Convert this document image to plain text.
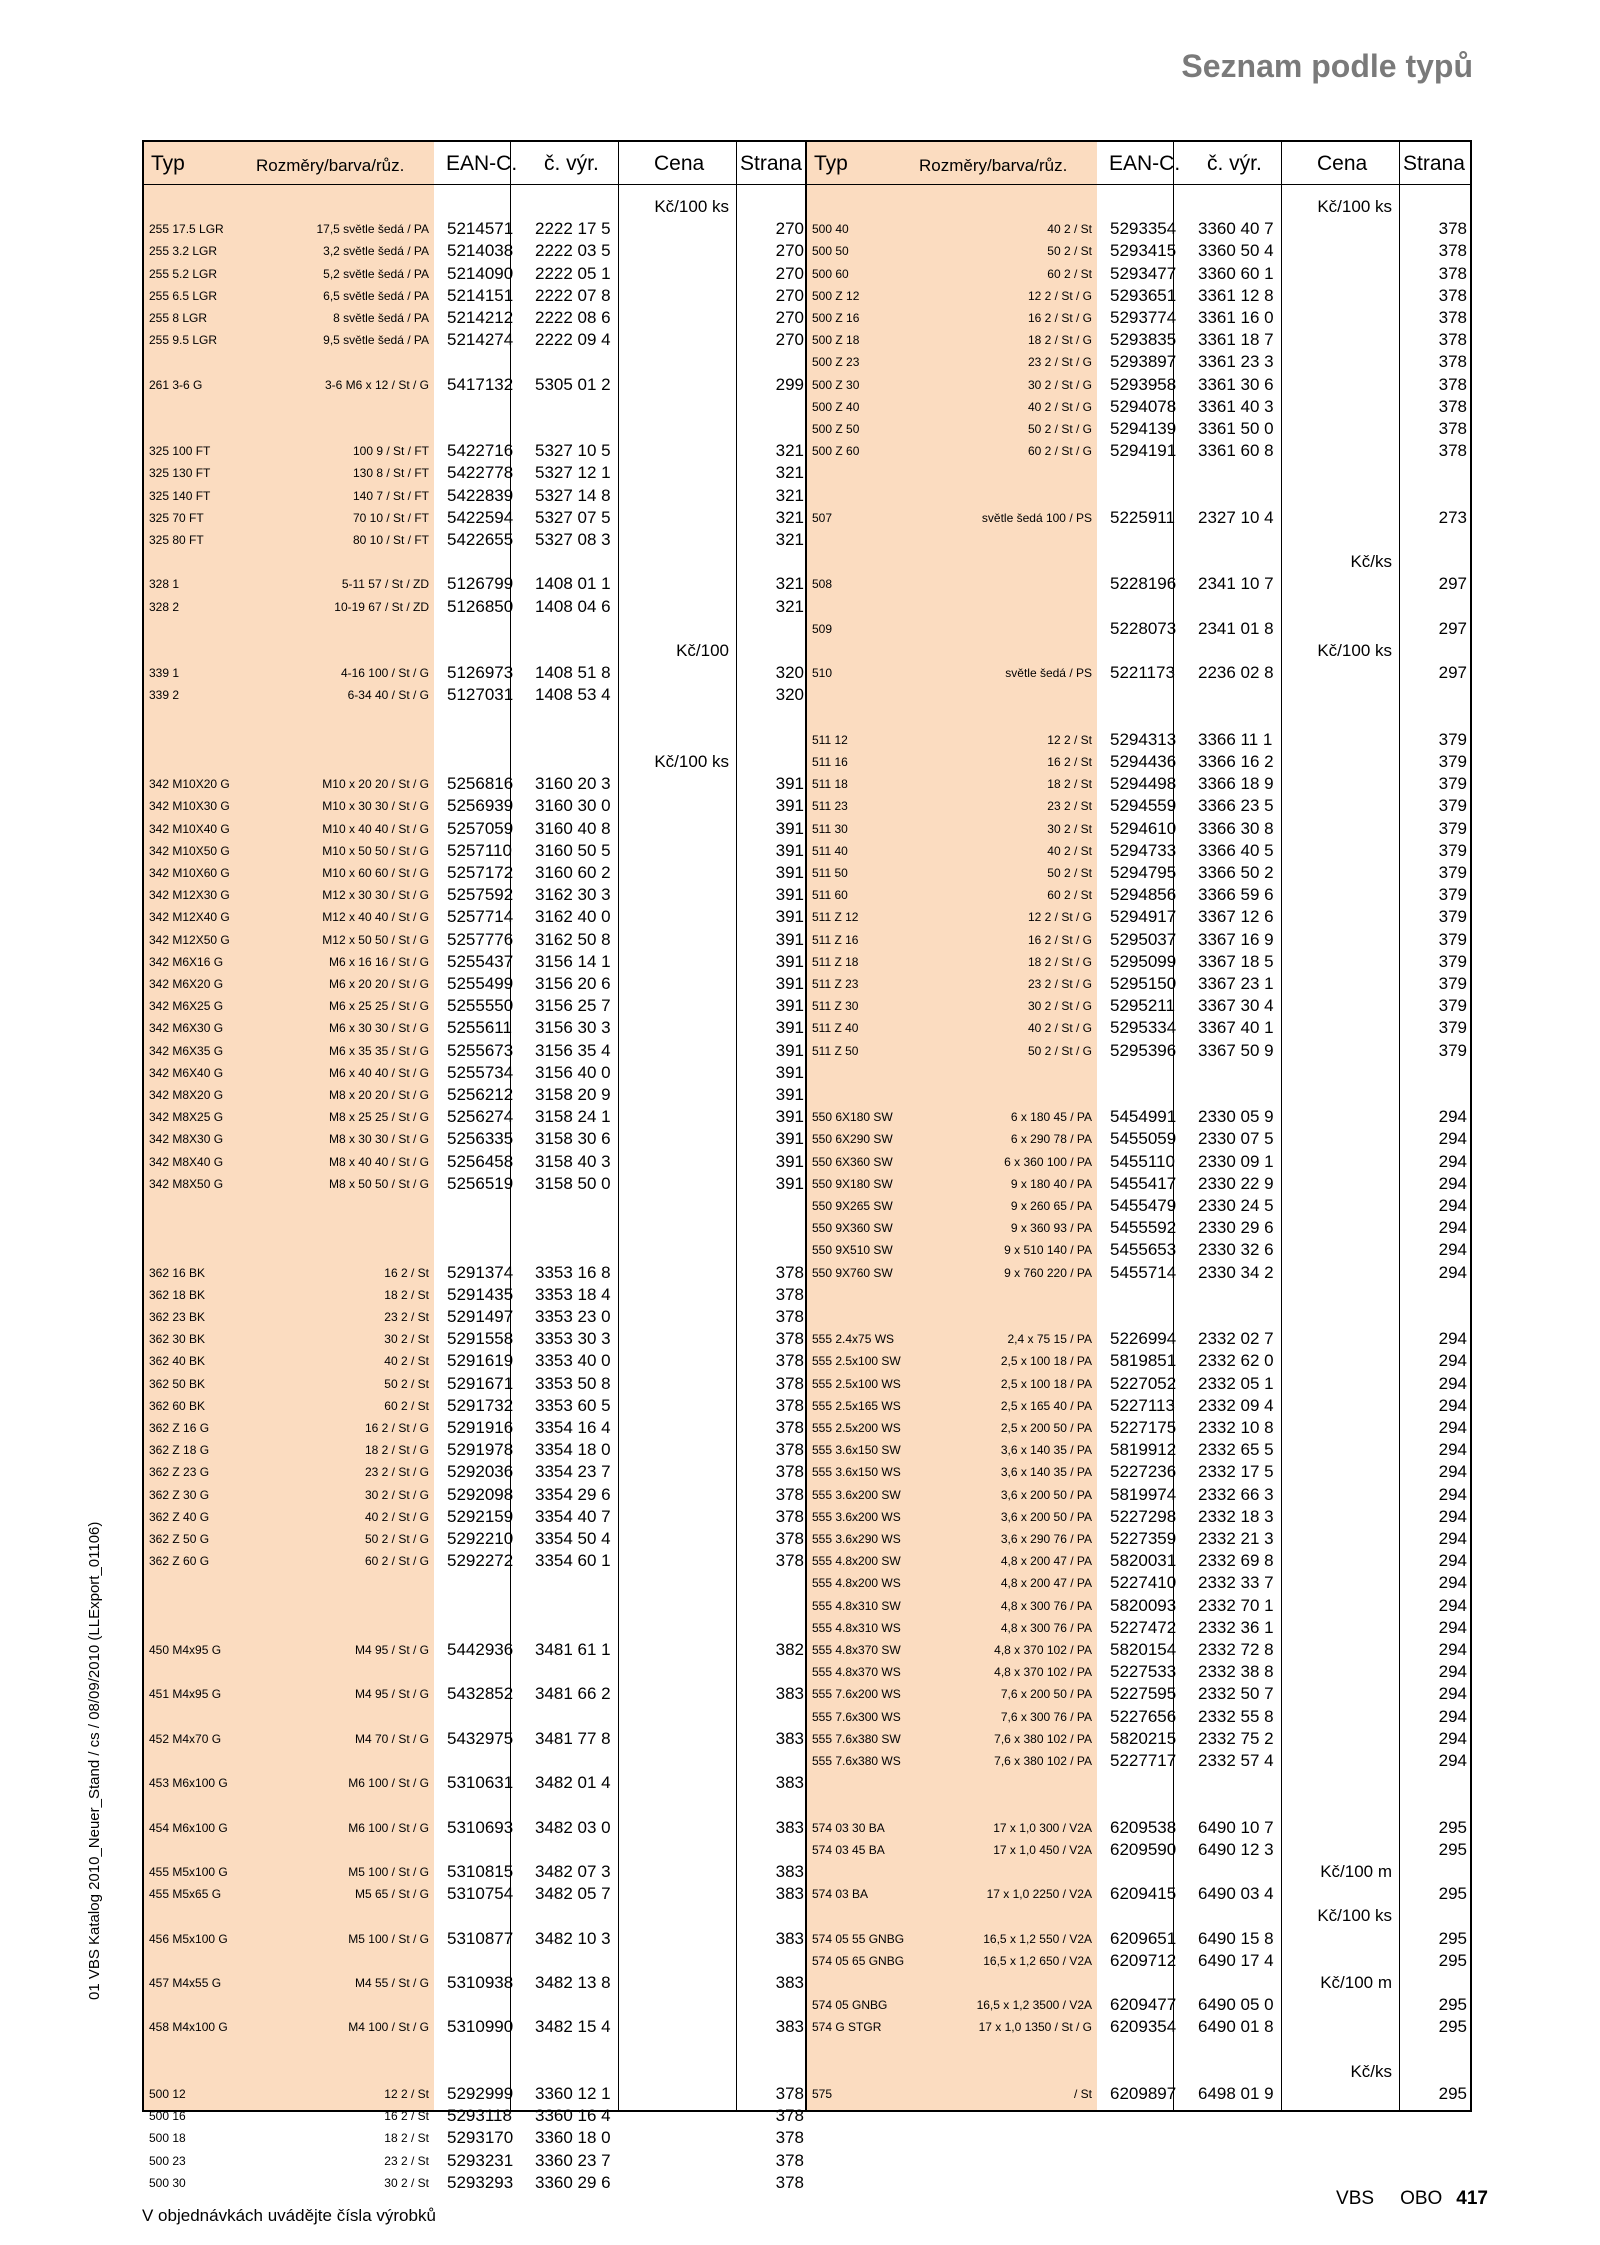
Seznam podle typů
Typ	Rozměry/barva/růz. EAN-C. č. výr.	Cena Strana
Kč/100 ks
255 17.5 LGR	17,5 světle šedá / PA 5214571 2222 17 5	270
255 3.2 LGR	3,2 světle šedá / PA 5214038 2222 03 5	270
255 5.2 LGR	5,2 světle šedá / PA 5214090 2222 05 1	270
255 6.5 LGR	6,5 světle šedá / PA 5214151 2222 07 8	270
255 8 LGR	8 světle šedá / PA 5214212 2222 08 6	270
255 9.5 LGR	9,5 světle šedá / PA 5214274 2222 09 4	270
261 3-6 G	3-6 M6 x 12 / St / G 5417132 5305 01 2	299
325 100 FT	100 9 / St / FT 5422716 5327 10 5	321
325 130 FT	130 8 / St / FT 5422778 5327 12 1	321
325 140 FT	140 7 / St / FT 5422839 5327 14 8	321
325 70 FT	70 10 / St / FT 5422594 5327 07 5	321
325 80 FT	80 10 / St / FT 5422655 5327 08 3	321
328 1	5-11 57 / St / ZD 5126799 1408 01 1	321
328 2	10-19 67 / St / ZD 5126850 1408 04 6	321
Kč/100
339 1	4-16 100 / St / G 5126973 1408 51 8	320
339 2	6-34 40 / St / G 5127031 1408 53 4	320
Kč/100 ks
342 M10X20 G	M10 x 20 20 / St / G 5256816 3160 20 3	391
342 M10X30 G	M10 x 30 30 / St / G 5256939 3160 30 0	391
342 M10X40 G	M10 x 40 40 / St / G 5257059 3160 40 8	391
342 M10X50 G	M10 x 50 50 / St / G 5257110 3160 50 5	391
342 M10X60 G	M10 x 60 60 / St / G 5257172 3160 60 2	391
342 M12X30 G	M12 x 30 30 / St / G 5257592 3162 30 3	391
342 M12X40 G	M12 x 40 40 / St / G 5257714 3162 40 0	391
342 M12X50 G	M12 x 50 50 / St / G 5257776 3162 50 8	391
342 M6X16 G	M6 x 16 16 / St / G 5255437 3156 14 1	391
342 M6X20 G	M6 x 20 20 / St / G 5255499 3156 20 6	391
342 M6X25 G	M6 x 25 25 / St / G 5255550 3156 25 7	391
342 M6X30 G	M6 x 30 30 / St / G 5255611 3156 30 3	391
342 M6X35 G	M6 x 35 35 / St / G 5255673 3156 35 4	391
342 M6X40 G	M6 x 40 40 / St / G 5255734 3156 40 0	391
342 M8X20 G	M8 x 20 20 / St / G 5256212 3158 20 9	391
342 M8X25 G	M8 x 25 25 / St / G 5256274 3158 24 1	391
342 M8X30 G	M8 x 30 30 / St / G 5256335 3158 30 6	391
342 M8X40 G	M8 x 40 40 / St / G 5256458 3158 40 3	391
342 M8X50 G	M8 x 50 50 / St / G 5256519 3158 50 0	391
362 16 BK	16 2 / St 5291374 3353 16 8	378
362 18 BK	18 2 / St 5291435 3353 18 4	378
362 23 BK	23 2 / St 5291497 3353 23 0	378
362 30 BK	30 2 / St 5291558 3353 30 3	378
362 40 BK	40 2 / St 5291619 3353 40 0	378
362 50 BK	50 2 / St 5291671 3353 50 8	378
362 60 BK	60 2 / St 5291732 3353 60 5	378
362 Z 16 G	16 2 / St / G 5291916 3354 16 4	378
362 Z 18 G	18 2 / St / G 5291978 3354 18 0	378
362 Z 23 G	23 2 / St / G 5292036 3354 23 7	378
362 Z 30 G	30 2 / St / G 5292098 3354 29 6	378
362 Z 40 G	40 2 / St / G 5292159 3354 40 7	378
362 Z 50 G	50 2 / St / G 5292210 3354 50 4	378
362 Z 60 G	60 2 / St / G 5292272 3354 60 1	378
450 M4x95 G	M4 95 / St / G 5442936 3481 61 1	382
451 M4x95 G	M4 95 / St / G 5432852 3481 66 2	383
452 M4x70 G	M4 70 / St / G 5432975 3481 77 8	383
453 M6x100 G	M6 100 / St / G 5310631 3482 01 4	383
454 M6x100 G	M6 100 / St / G 5310693 3482 03 0	383
455 M5x100 G	M5 100 / St / G 5310815 3482 07 3	383
455 M5x65 G	M5 65 / St / G 5310754 3482 05 7	383
456 M5x100 G	M5 100 / St / G 5310877 3482 10 3	383
457 M4x55 G	M4 55 / St / G 5310938 3482 13 8	383
458 M4x100 G	M4 100 / St / G 5310990 3482 15 4	383
500 12	12 2 / St 5292999 3360 12 1	378
500 16	16 2 / St 5293118 3360 16 4	378
500 18	18 2 / St 5293170 3360 18 0	378
500 23	23 2 / St 5293231 3360 23 7	378
500 30	30 2 / St 5293293 3360 29 6	378
Typ	Rozměry/barva/růz. EAN-C. č. výr.	Cena Strana
Kč/100 ks
500 40	40 2 / St 5293354 3360 40 7	378
500 50	50 2 / St 5293415 3360 50 4	378
500 60	60 2 / St 5293477 3360 60 1	378
500 Z 12	12 2 / St / G 5293651 3361 12 8	378
500 Z 16	16 2 / St / G 5293774 3361 16 0	378
500 Z 18	18 2 / St / G 5293835 3361 18 7	378
500 Z 23	23 2 / St / G 5293897 3361 23 3	378
500 Z 30	30 2 / St / G 5293958 3361 30 6	378
500 Z 40	40 2 / St / G 5294078 3361 40 3	378
500 Z 50	50 2 / St / G 5294139 3361 50 0	378
500 Z 60	60 2 / St / G 5294191 3361 60 8	378
507	světle šedá 100 / PS 5225911 2327 10 4	273
Kč/ks
508	5228196 2341 10 7	297
509	5228073 2341 01 8	297
Kč/100 ks
510	světle šedá / PS 5221173 2236 02 8	297
511 12	12 2 / St 5294313 3366 11 1	379
511 16	16 2 / St 5294436 3366 16 2	379
511 18	18 2 / St 5294498 3366 18 9	379
511 23	23 2 / St 5294559 3366 23 5	379
511 30	30 2 / St 5294610 3366 30 8	379
511 40	40 2 / St 5294733 3366 40 5	379
511 50	50 2 / St 5294795 3366 50 2	379
511 60	60 2 / St 5294856 3366 59 6	379
511 Z 12	12 2 / St / G 5294917 3367 12 6	379
511 Z 16	16 2 / St / G 5295037 3367 16 9	379
511 Z 18	18 2 / St / G 5295099 3367 18 5	379
511 Z 23	23 2 / St / G 5295150 3367 23 1	379
511 Z 30	30 2 / St / G 5295211 3367 30 4	379
511 Z 40	40 2 / St / G 5295334 3367 40 1	379
511 Z 50	50 2 / St / G 5295396 3367 50 9	379
550 6X180 SW	6 x 180 45 / PA 5454991 2330 05 9	294
550 6X290 SW	6 x 290 78 / PA 5455059 2330 07 5	294
550 6X360 SW	6 x 360 100 / PA 5455110 2330 09 1	294
550 9X180 SW	9 x 180 40 / PA 5455417 2330 22 9	294
550 9X265 SW	9 x 260 65 / PA 5455479 2330 24 5	294
550 9X360 SW	9 x 360 93 / PA 5455592 2330 29 6	294
550 9X510 SW	9 x 510 140 / PA 5455653 2330 32 6	294
550 9X760 SW	9 x 760 220 / PA 5455714 2330 34 2	294
555 2.4x75 WS	2,4 x 75 15 / PA 5226994 2332 02 7	294
555 2.5x100 SW	2,5 x 100 18 / PA 5819851 2332 62 0	294
555 2.5x100 WS	2,5 x 100 18 / PA 5227052 2332 05 1	294
555 2.5x165 WS	2,5 x 165 40 / PA 5227113 2332 09 4	294
555 2.5x200 WS	2,5 x 200 50 / PA 5227175 2332 10 8	294
555 3.6x150 SW	3,6 x 140 35 / PA 5819912 2332 65 5	294
555 3.6x150 WS	3,6 x 140 35 / PA 5227236 2332 17 5	294
555 3.6x200 SW	3,6 x 200 50 / PA 5819974 2332 66 3	294
555 3.6x200 WS	3,6 x 200 50 / PA 5227298 2332 18 3	294
555 3.6x290 WS	3,6 x 290 76 / PA 5227359 2332 21 3	294
555 4.8x200 SW	4,8 x 200 47 / PA 5820031 2332 69 8	294
555 4.8x200 WS	4,8 x 200 47 / PA 5227410 2332 33 7	294
555 4.8x310 SW	4,8 x 300 76 / PA 5820093 2332 70 1	294
555 4.8x310 WS	4,8 x 300 76 / PA 5227472 2332 36 1	294
555 4.8x370 SW	4,8 x 370 102 / PA 5820154 2332 72 8	294
555 4.8x370 WS	4,8 x 370 102 / PA 5227533 2332 38 8	294
555 7.6x200 WS	7,6 x 200 50 / PA 5227595 2332 50 7	294
555 7.6x300 WS	7,6 x 300 76 / PA 5227656 2332 55 8	294
555 7.6x380 SW	7,6 x 380 102 / PA 5820215 2332 75 2	294
555 7.6x380 WS	7,6 x 380 102 / PA 5227717 2332 57 4	294
574 03 30 BA	17 x 1,0 300 / V2A 6209538 6490 10 7	295
574 03 45 BA	17 x 1,0 450 / V2A 6209590 6490 12 3	295
Kč/100 m
574 03 BA	17 x 1,0 2250 / V2A 6209415 6490 03 4	295
Kč/100 ks
574 05 55 GNBG	16,5 x 1,2 550 / V2A 6209651 6490 15 8	295
574 05 65 GNBG	16,5 x 1,2 650 / V2A 6209712 6490 17 4	295
Kč/100 m
574 05 GNBG	16,5 x 1,2 3500 / V2A 6209477 6490 05 0	295
574 G STGR	17 x 1,0 1350 / St / G 6209354 6490 01 8	295
Kč/ks
575	/ St 6209897 6498 01 9	295

01 VBS Katalog 2010_Neuer_Stand / cs / 08/09/2010 (LLExport_01106)

V objednávkách uvádějte čísla výrobků

VBS OBO 417
